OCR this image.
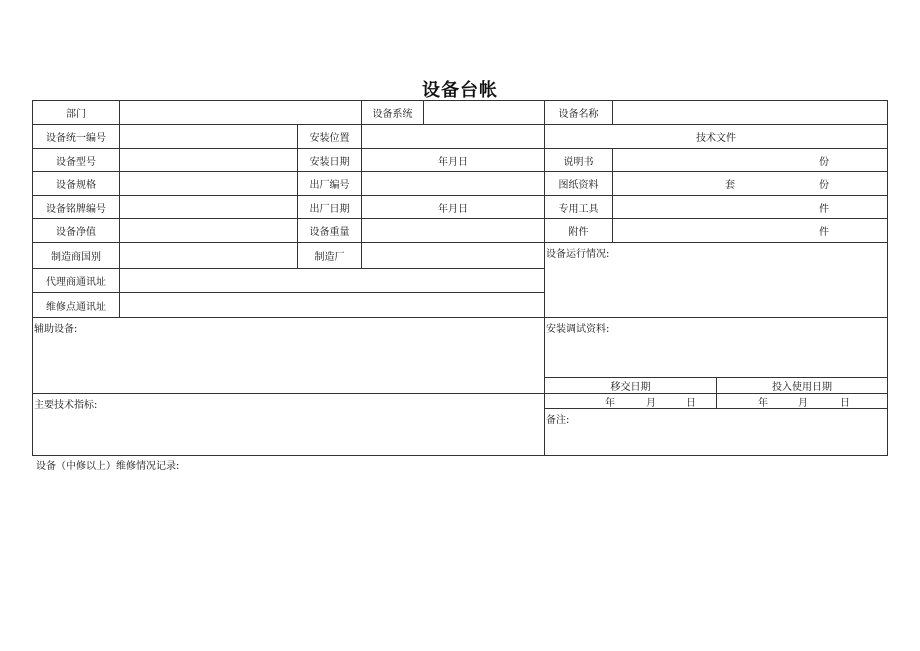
设备台帐
部门	设备系统	设备名称
设备统一编号	安装位置	技术文件
设备型号	安装日期	年月日	说明书	份
设备规格	出厂编号	图纸资料	套	份
设备铭牌编号	出厂日期	年月日	专用工具	件
设备净值	设备重量	附件	件
制造商国别	制造厂	设备运行情况:
代理商通讯址
维修点通讯址
辅助设备:	安装调试资料:
移交日期	投入使用日期
主要技术指标:	年	月	日	年	月	日
备注:
设备（中修以上）维修情况记录:
